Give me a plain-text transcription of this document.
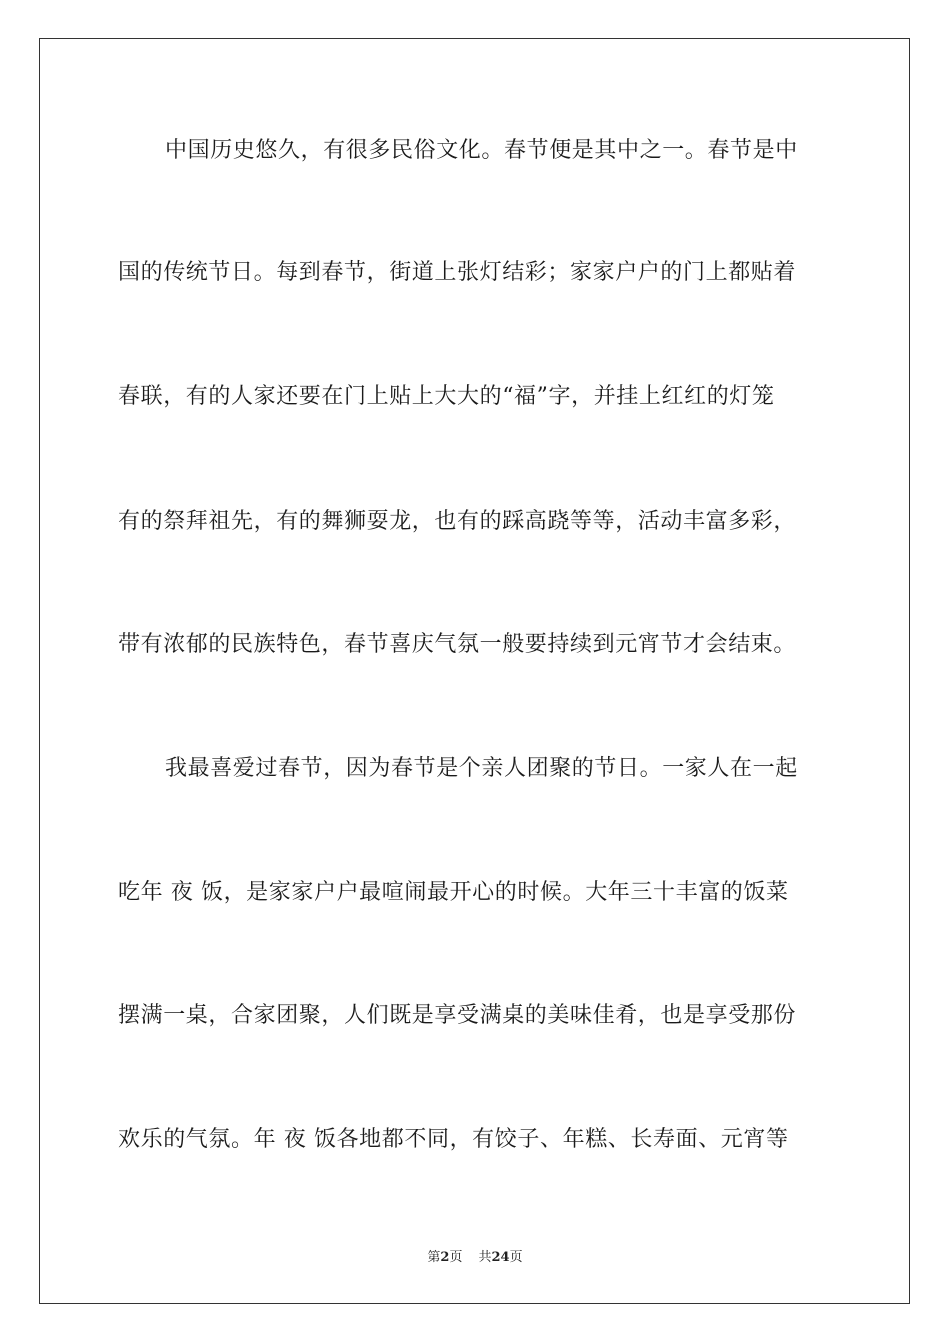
中国历史悠久，有很多民俗文化。春节便是其中之一。春节是中
国的传统节日。每到春节，街道上张灯结彩；家家户户的门上都贴着
春联，有的人家还要在门上贴上大大的“福”字，并挂上红红的灯笼
有的祭拜祖先，有的舞狮耍龙，也有的踩高跷等等，活动丰富多彩，
带有浓郁的民族特色，春节喜庆气氛一般要持续到元宵节才会结束。
我最喜爱过春节，因为春节是个亲人团聚的节日。一家人在一起
吃年 夜 饭，是家家户户最喧闹最开心的时候。大年三十丰富的饭菜
摆满一桌，合家团聚，人们既是享受满桌的美味佳肴，也是享受那份
欢乐的气氛。年 夜 饭各地都不同，有饺子、年糕、长寿面、元宵等
第2页 共24页
